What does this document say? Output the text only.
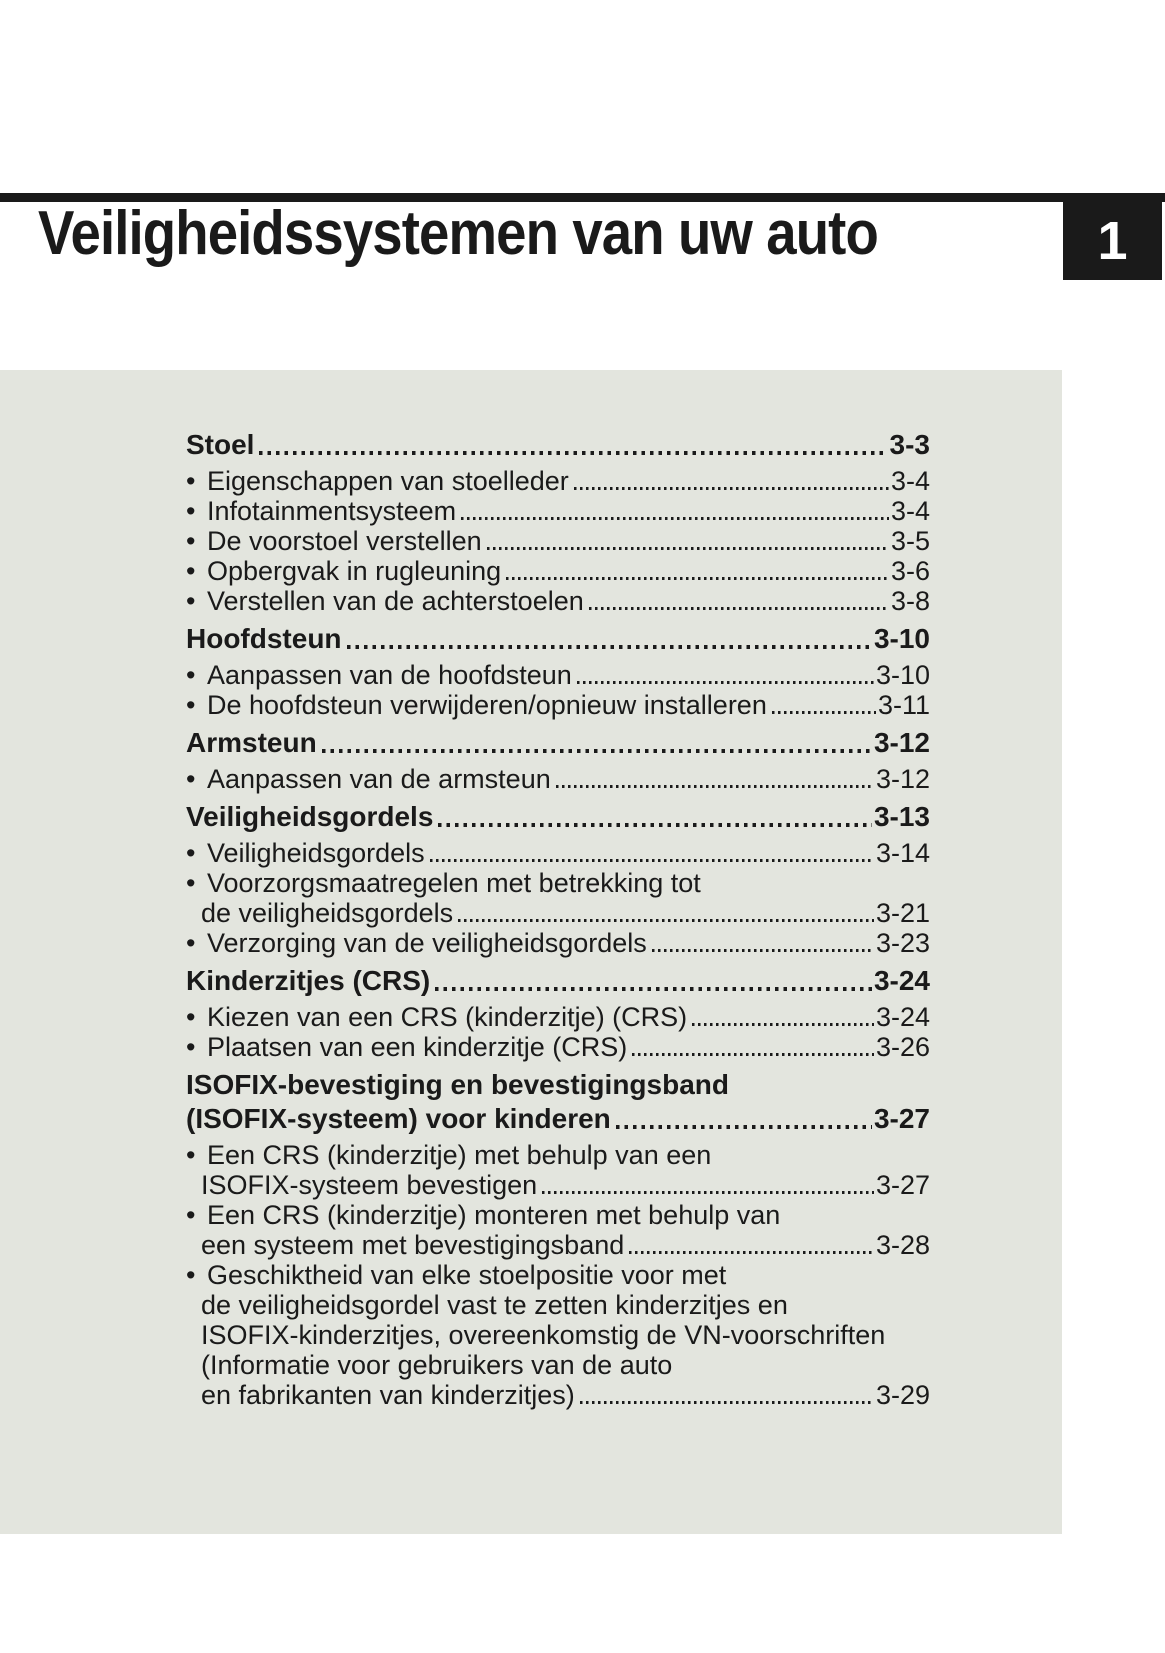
Veiligheidssystemen van uw auto	1
Stoel	3-3
• Eigenschappen van stoelleder	3-4
• Infotainmentsysteem	3-4
• De voorstoel verstellen	3-5
• Opbergvak in rugleuning	3-6
• Verstellen van de achterstoelen	3-8
Hoofdsteun	3-10
• Aanpassen van de hoofdsteun	3-10
• De hoofdsteun verwijderen/opnieuw installeren	3-11
Armsteun	3-12
• Aanpassen van de armsteun	3-12
Veiligheidsgordels	3-13
• Veiligheidsgordels	3-14
• Voorzorgsmaatregelen met betrekking tot
de veiligheidsgordels	3-21
• Verzorging van de veiligheidsgordels	3-23
Kinderzitjes (CRS)	3-24
• Kiezen van een CRS (kinderzitje) (CRS)	3-24
• Plaatsen van een kinderzitje (CRS)	3-26
ISOFIX-bevestiging en bevestigingsband
(ISOFIX-systeem) voor kinderen	3-27
• Een CRS (kinderzitje) met behulp van een
ISOFIX-systeem bevestigen	3-27
• Een CRS (kinderzitje) monteren met behulp van
een systeem met bevestigingsband	3-28
• Geschiktheid van elke stoelpositie voor met
de veiligheidsgordel vast te zetten kinderzitjes en
ISOFIX-kinderzitjes, overeenkomstig de VN-voorschriften
(Informatie voor gebruikers van de auto
en fabrikanten van kinderzitjes)	3-29
